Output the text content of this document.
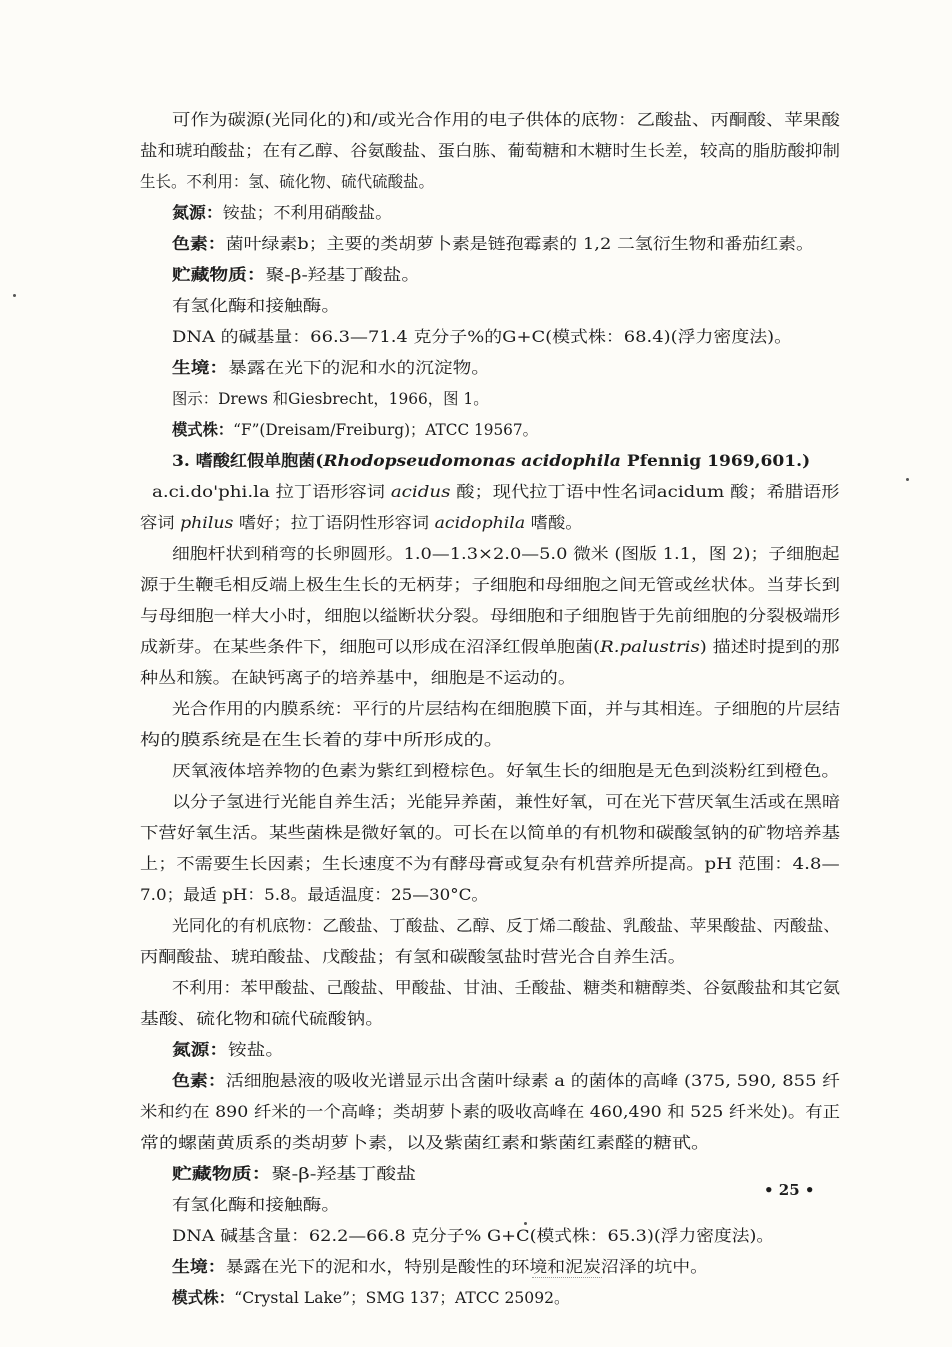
可作为碳源(光同化的)和/或光合作用的电子供体的底物：乙酸盐、丙酮酸、苹果酸
盐和琥珀酸盐；在有乙醇、谷氨酸盐、蛋白胨、葡萄糖和木糖时生长差，较高的脂肪酸抑制
生长。不利用：氢、硫化物、硫代硫酸盐。
氮源：铵盐；不利用硝酸盐。
色素：菌叶绿素b；主要的类胡萝卜素是链孢霉素的 1,2 二氢衍生物和番茄红素。
贮藏物质：聚-β-羟基丁酸盐。
有氢化酶和接触酶。
DNA 的碱基量：66.3—71.4 克分子%的G+C(模式株：68.4)(浮力密度法)。
生境：暴露在光下的泥和水的沉淀物。
图示：Drews 和Giesbrecht，1966，图 1。
模式株：“F”(Dreisam/Freiburg)；ATCC 19567。
3. 嗜酸红假单胞菌(Rhodopseudomonas acidophila Pfennig 1969,601.)
a.ci.do'phi.la 拉丁语形容词 acidus 酸；现代拉丁语中性名词acidum 酸；希腊语形
容词 philus 嗜好；拉丁语阴性形容词 acidophila 嗜酸。
细胞杆状到稍弯的长卵圆形。1.0—1.3×2.0—5.0 微米 (图版 1.1，图 2)；子细胞起
源于生鞭毛相反端上极生生长的无柄芽；子细胞和母细胞之间无管或丝状体。当芽长到
与母细胞一样大小时，细胞以缢断状分裂。母细胞和子细胞皆于先前细胞的分裂极端形
成新芽。在某些条件下，细胞可以形成在沼泽红假单胞菌(R.palustris) 描述时提到的那
种丛和簇。在缺钙离子的培养基中，细胞是不运动的。
光合作用的内膜系统：平行的片层结构在细胞膜下面，并与其相连。子细胞的片层结
构的膜系统是在生长着的芽中所形成的。
厌氧液体培养物的色素为紫红到橙棕色。好氧生长的细胞是无色到淡粉红到橙色。
以分子氢进行光能自养生活；光能异养菌，兼性好氧，可在光下营厌氧生活或在黑暗
下营好氧生活。某些菌株是微好氧的。可长在以简单的有机物和碳酸氢钠的矿物培养基
上；不需要生长因素；生长速度不为有酵母膏或复杂有机营养所提高。pH 范围：4.8—
7.0；最适 pH：5.8。最适温度：25—30°C。
光同化的有机底物：乙酸盐、丁酸盐、乙醇、反丁烯二酸盐、乳酸盐、苹果酸盐、丙酸盐、
丙酮酸盐、琥珀酸盐、戊酸盐；有氢和碳酸氢盐时营光合自养生活。
不利用：苯甲酸盐、己酸盐、甲酸盐、甘油、壬酸盐、糖类和糖醇类、谷氨酸盐和其它氨
基酸、硫化物和硫代硫酸钠。
氮源：铵盐。
色素：活细胞悬液的吸收光谱显示出含菌叶绿素 a 的菌体的高峰 (375, 590, 855 纤
米和约在 890 纤米的一个高峰；类胡萝卜素的吸收高峰在 460,490 和 525 纤米处)。有正
常的螺菌黄质系的类胡萝卜素，以及紫菌红素和紫菌红素醛的糖甙。
贮藏物质：聚-β-羟基丁酸盐
有氢化酶和接触酶。
DNA 碱基含量：62.2—66.8 克分子% G+C(模式株：65.3)(浮力密度法)。
生境：暴露在光下的泥和水，特别是酸性的环境和泥炭沼泽的坑中。
模式株：“Crystal Lake”；SMG 137；ATCC 25092。
• 25 •
